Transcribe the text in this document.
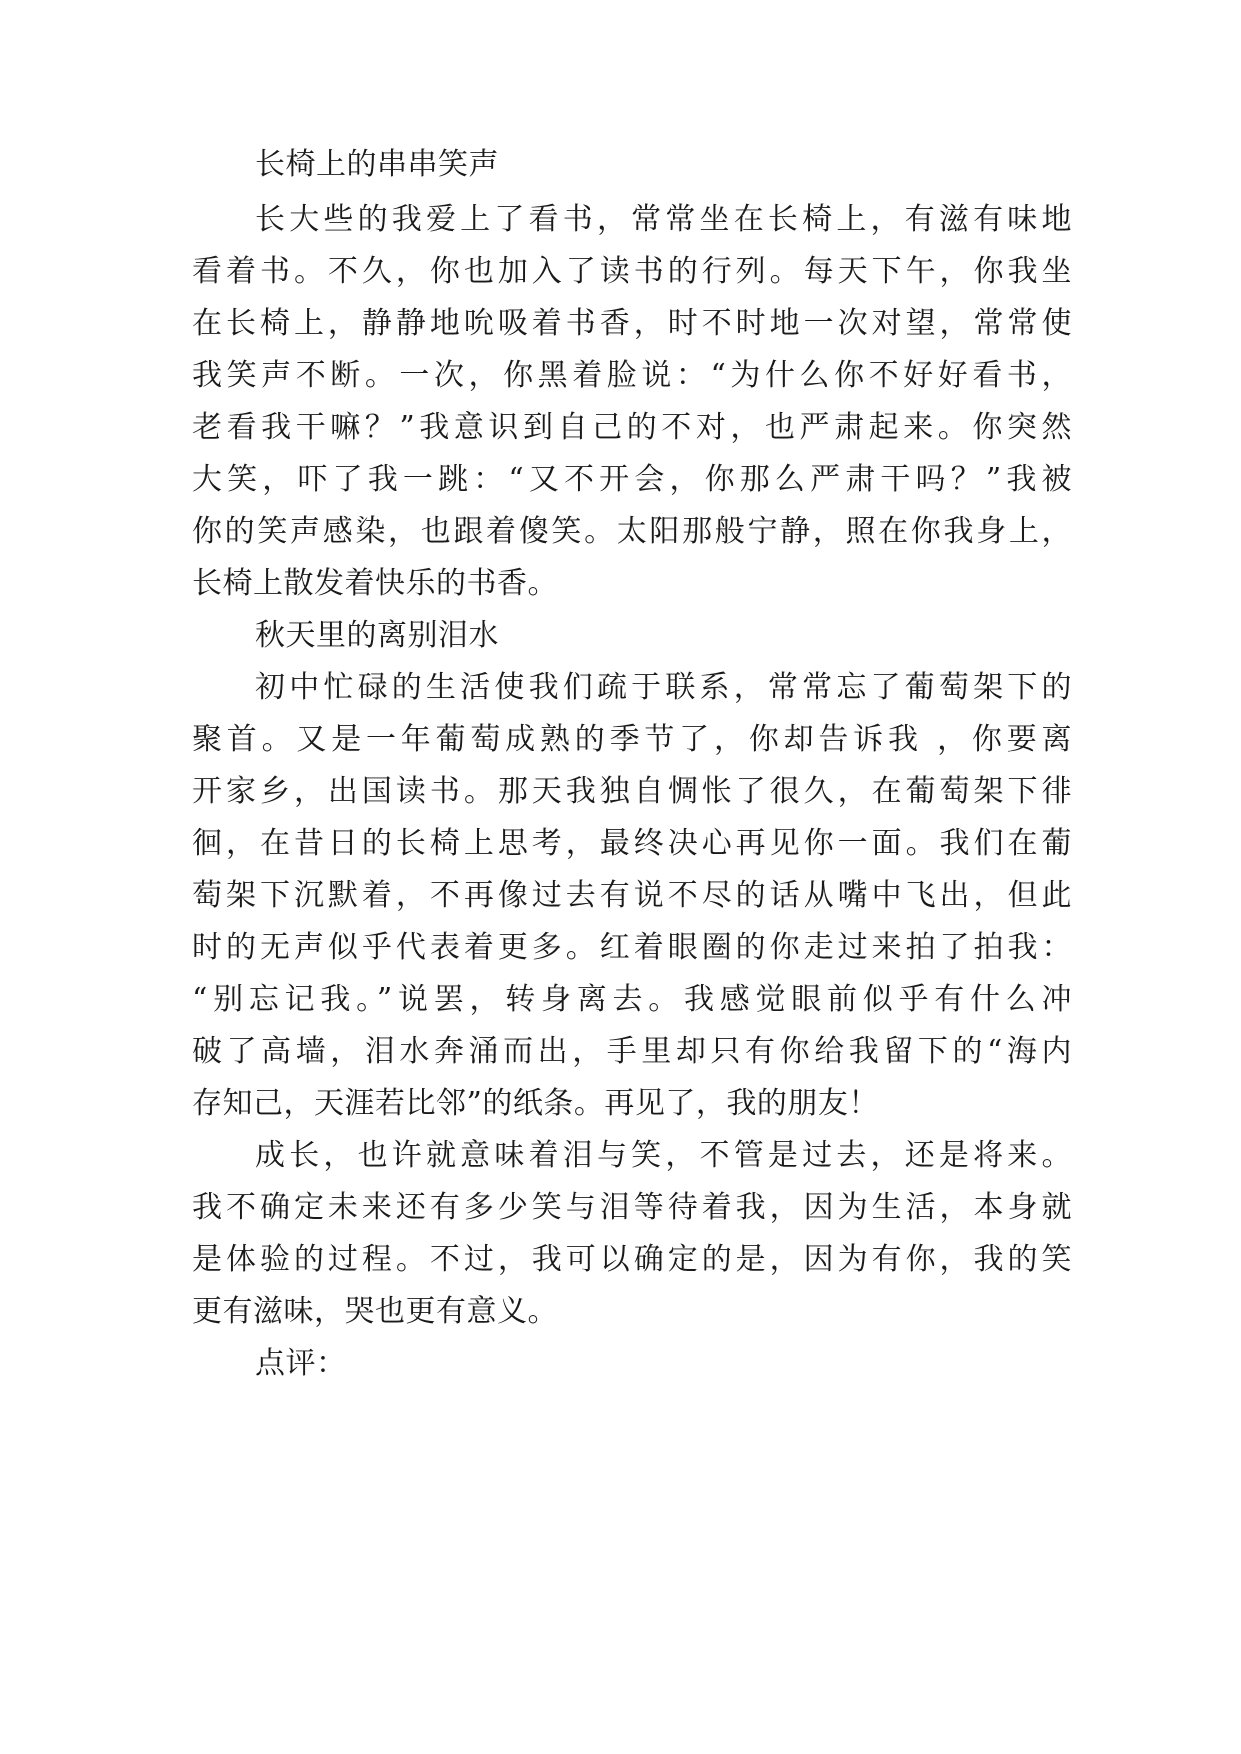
长椅上的串串笑声
长大些的我爱上了看书，常常坐在长椅上，有滋有味地
看着书。不久，你也加入了读书的行列。每天下午，你我坐
在长椅上，静静地吮吸着书香，时不时地一次对望，常常使
我笑声不断。一次，你黑着脸说：“为什么你不好好看书，
老看我干嘛？”我意识到自己的不对，也严肃起来。你突然
大笑，吓了我一跳：“又不开会，你那么严肃干吗？”我被
你的笑声感染，也跟着傻笑。太阳那般宁静，照在你我身上，
长椅上散发着快乐的书香。
秋天里的离别泪水
初中忙碌的生活使我们疏于联系，常常忘了葡萄架下的
聚首。又是一年葡萄成熟的季节了，你却告诉我 ，你要离
开家乡，出国读书。那天我独自惆怅了很久，在葡萄架下徘
徊，在昔日的长椅上思考，最终决心再见你一面。我们在葡
萄架下沉默着，不再像过去有说不尽的话从嘴中飞出，但此
时的无声似乎代表着更多。红着眼圈的你走过来拍了拍我：
“别忘记我。”说罢，转身离去。我感觉眼前似乎有什么冲
破了高墙，泪水奔涌而出，手里却只有你给我留下的“海内
存知己，天涯若比邻”的纸条。再见了，我的朋友！
成长，也许就意味着泪与笑，不管是过去，还是将来。
我不确定未来还有多少笑与泪等待着我，因为生活，本身就
是体验的过程。不过，我可以确定的是，因为有你，我的笑
更有滋味，哭也更有意义。
点评：
